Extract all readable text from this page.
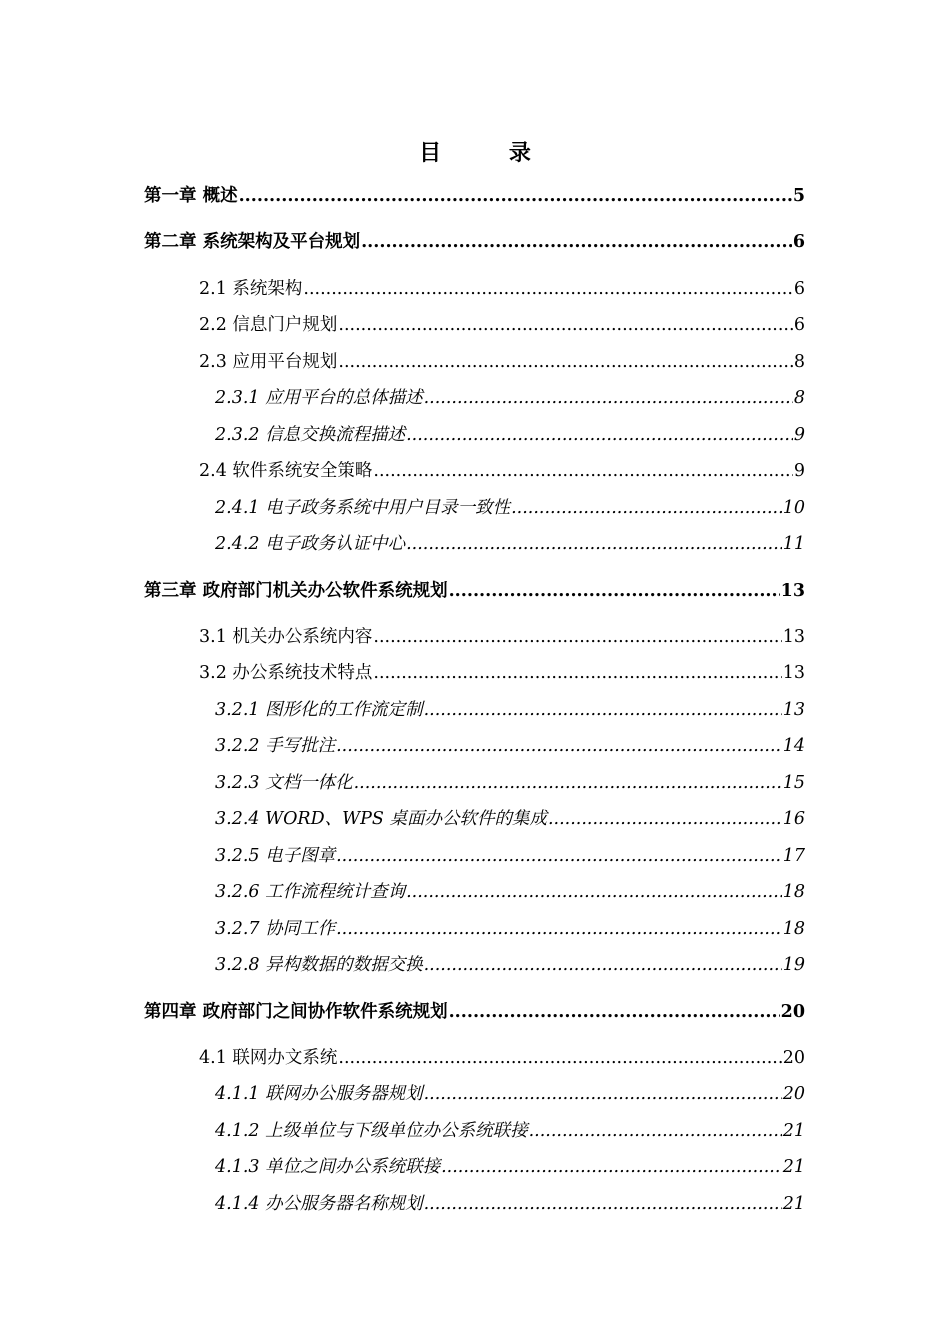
目 录
第一章 概述 .....	5
第二章 系统架构及平台规划 .....	6
2.1 系统架构 .....	6
2.2 信息门户规划 .....	6
2.3 应用平台规划 .....	8
2.3.1 应用平台的总体描述 .....	8
2.3.2 信息交换流程描述 .....	9
2.4 软件系统安全策略 .....	9
2.4.1 电子政务系统中用户目录一致性 .....	10
2.4.2 电子政务认证中心 .....	11
第三章 政府部门机关办公软件系统规划 .....	13
3.1 机关办公系统内容 .....	13
3.2 办公系统技术特点 .....	13
3.2.1 图形化的工作流定制 .....	13
3.2.2 手写批注 .....	14
3.2.3 文档一体化 .....	15
3.2.4 WORD、WPS 桌面办公软件的集成 .....	16
3.2.5 电子图章 .....	17
3.2.6 工作流程统计查询 .....	18
3.2.7 协同工作 .....	18
3.2.8 异构数据的数据交换 .....	19
第四章 政府部门之间协作软件系统规划 .....	20
4.1 联网办文系统 .....	20
4.1.1 联网办公服务器规划 .....	20
4.1.2 上级单位与下级单位办公系统联接 .....	21
4.1.3 单位之间办公系统联接 .....	21
4.1.4 办公服务器名称规划 .....	21
